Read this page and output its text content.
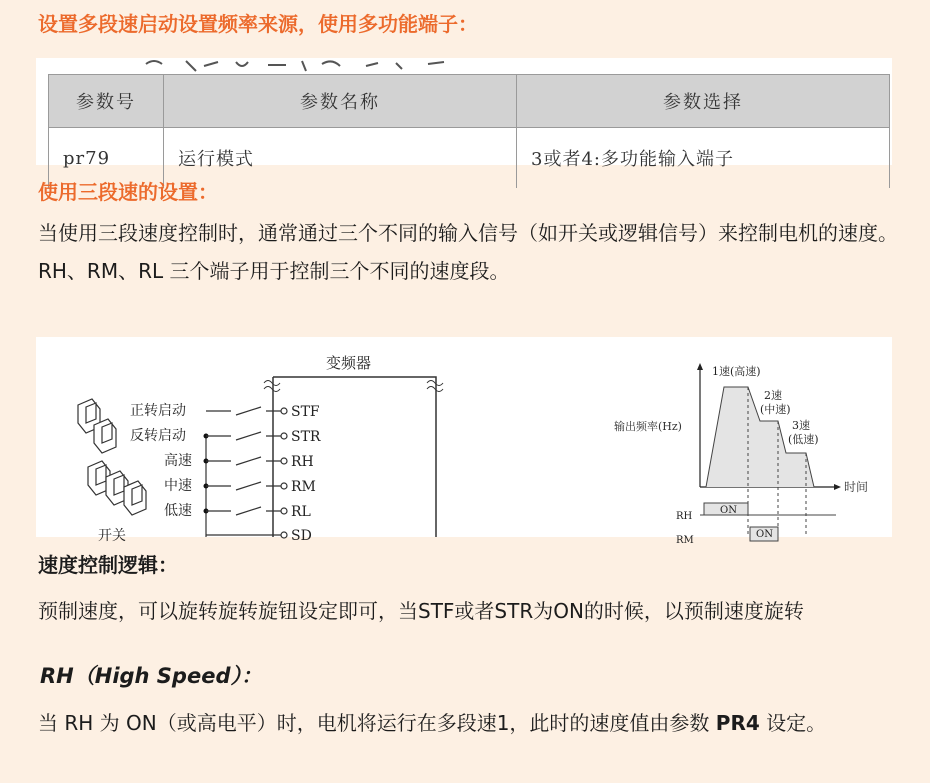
设置多段速启动设置频率来源，使用多功能端子：
参数号	参数名称	参数选择
pr79	运行模式	3或者4:多功能输入端子
使用三段速的设置：
当使用三段速度控制时，通常通过三个不同的输入信号（如开关或逻辑信号）来控制电机的速度。RH、RM、RL 三个端子用于控制三个不同的速度段。
变频器
正转启动
反转启动
高速
中速
低速
开关
STF
STR
RH
RM
RL
SD
输出频率(Hz)
时间
1速(高速)
2速
(中速)
3速
(低速)
RH
ON
RM
ON
速度控制逻辑：
预制速度，可以旋转旋转旋钮设定即可，当STF或者STR为ON的时候，以预制速度旋转
RH（High Speed）：
当 RH 为 ON（或高电平）时，电机将运行在多段速1，此时的速度值由参数 PR4 设定。
